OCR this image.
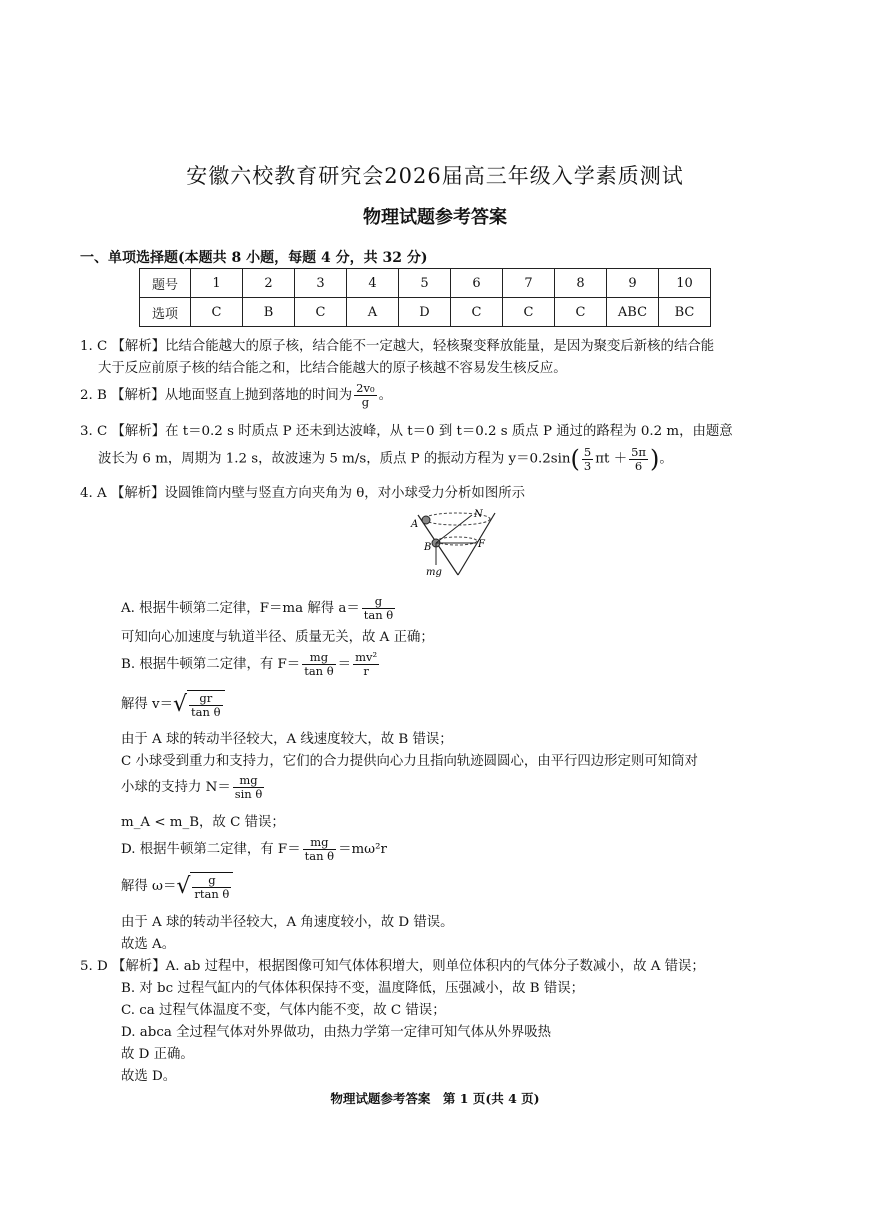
安徽六校教育研究会2026届高三年级入学素质测试
物理试题参考答案
一、单项选择题(本题共 8 小题，每题 4 分，共 32 分)
题号	1	2	3	4	5	6	7	8	9	10
选项	C	B	C	A	D	C	C	C	ABC	BC
1. C 【解析】比结合能越大的原子核，结合能不一定越大，轻核聚变释放能量，是因为聚变后新核的结合能
大于反应前原子核的结合能之和，比结合能越大的原子核越不容易发生核反应。
2. B 【解析】从地面竖直上抛到落地的时间为 $\frac{\text{2v₀}}{g}$ 。
3. C 【解析】在 t＝0.2 s 时质点 P 还未到达波峰，从 t＝0 到 t＝0.2 s 质点 P 通过的路程为 0.2 m，由题意
波长为 6 m，周期为 1.2 s，故波速为 5 m/s，质点 P 的振动方程为 $y=0.2\sin( \frac{5}{3}$ $\pi t + \frac{5\pi}{6}$ )。
4. A 【解析】设圆锥筒内壁与竖直方向夹角为 θ，对小球受力分析如图所示
A
B
N
F
mg
A. 根据牛顿第二定律，F＝ma 解得 $a= \frac{g}{\text{tan θ}}$
可知向心加速度与轨道半径、质量无关，故 A 正确；
B. 根据牛顿第二定律，有 $F= \frac{mg}{\text{tan θ}} = \frac{\text{mv²}}{r}$
解得 $v=√ \frac{gr}{\text{tan θ}}$
由于 A 球的转动半径较大，A 线速度较大，故 B 错误；
C 小球受到重力和支持力，它们的合力提供向心力且指向轨迹圆圆心，由平行四边形定则可知筒对
小球的支持力 $N= \frac{mg}{\text{sin θ}}$
m_A < m_B，故 C 错误；
D. 根据牛顿第二定律，有 $F= \frac{mg}{\text{tan θ}} =m\omega^2r$
解得 $\omega=√ \frac{g}{\text{rtan θ}}$
由于 A 球的转动半径较大，A 角速度较小，故 D 错误。
故选 A。
5. D 【解析】A. ab 过程中，根据图像可知气体体积增大，则单位体积内的气体分子数减小，故 A 错误；
B. 对 bc 过程气缸内的气体体积保持不变，温度降低，压强减小，故 B 错误；
C. ca 过程气体温度不变，气体内能不变，故 C 错误；
D. abca 全过程气体对外界做功，由热力学第一定律可知气体从外界吸热
故 D 正确。
故选 D。
物理试题参考答案　第 1 页(共 4 页)
